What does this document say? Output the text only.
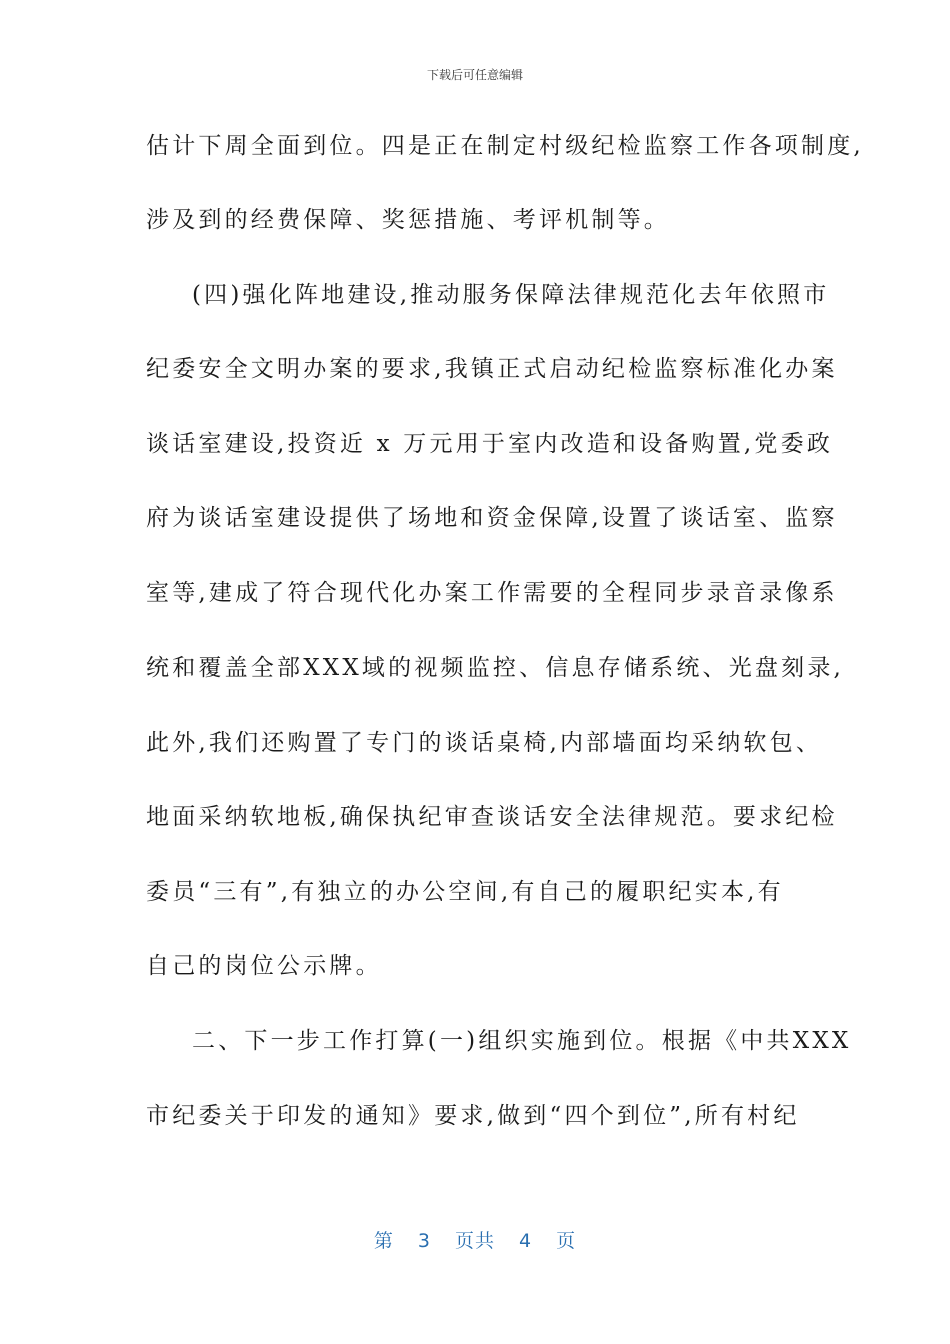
下载后可任意编辑
估计下周全面到位。四是正在制定村级纪检监察工作各项制度,
涉及到的经费保障、奖惩措施、考评机制等。
(四)强化阵地建设,推动服务保障法律规范化去年依照市
纪委安全文明办案的要求,我镇正式启动纪检监察标准化办案
谈话室建设,投资近 x 万元用于室内改造和设备购置,党委政
府为谈话室建设提供了场地和资金保障,设置了谈话室、监察
室等,建成了符合现代化办案工作需要的全程同步录音录像系
统和覆盖全部XXX域的视频监控、信息存储系统、光盘刻录,
此外,我们还购置了专门的谈话桌椅,内部墙面均采纳软包、
地面采纳软地板,确保执纪审查谈话安全法律规范。要求纪检
委员“三有”,有独立的办公空间,有自己的履职纪实本,有
自己的岗位公示牌。
二、下一步工作打算(一)组织实施到位。根据《中共XXX
市纪委关于印发的通知》要求,做到“四个到位”,所有村纪
第 3 页共 4 页
